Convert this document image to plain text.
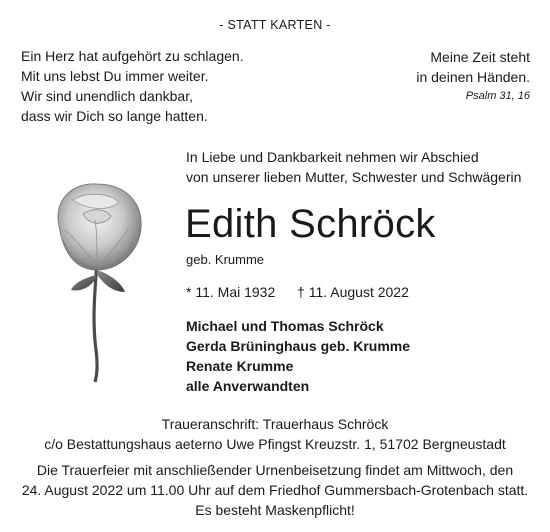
- STATT KARTEN -
Ein Herz hat aufgehört zu schlagen.
Mit uns lebst Du immer weiter.
Wir sind unendlich dankbar,
dass wir Dich so lange hatten.
Meine Zeit steht
in deinen Händen.
Psalm 31, 16
In Liebe und Dankbarkeit nehmen wir Abschied
von unserer lieben Mutter, Schwester und Schwägerin
Edith Schröck
geb. Krumme
* 11. Mai 1932 † 11. August 2022
Michael und Thomas Schröck
Gerda Brüninghaus geb. Krumme
Renate Krumme
alle Anverwandten
Traueranschrift: Trauerhaus Schröck
c/o Bestattungshaus aeterno Uwe Pfingst Kreuzstr. 1, 51702 Bergneustadt
Die Trauerfeier mit anschließender Urnenbeisetzung findet am Mittwoch, den
24. August 2022 um 11.00 Uhr auf dem Friedhof Gummersbach-Grotenbach statt.
Es besteht Maskenpflicht!
